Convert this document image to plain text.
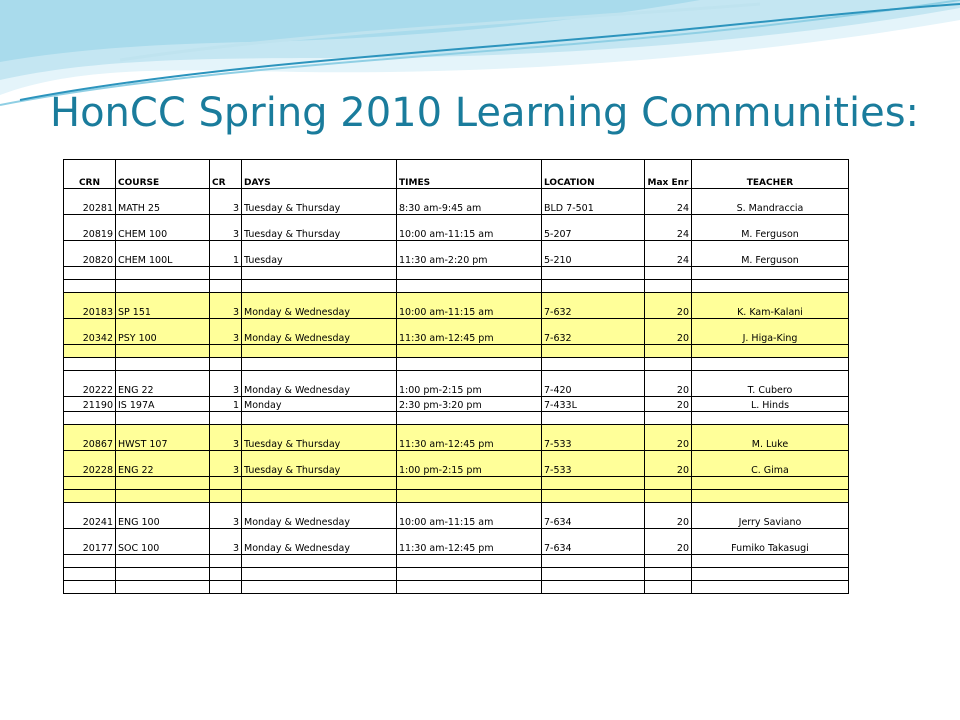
HonCC Spring 2010 Learning Communities:
CRN	COURSE	CR	DAYS	TIMES	LOCATION	Max Enr	TEACHER
20281	MATH 25	3	Tuesday & Thursday	8:30 am-9:45 am	BLD 7-501	24	S. Mandraccia
20819	CHEM 100	3	Tuesday & Thursday	10:00 am-11:15 am	5-207	24	M. Ferguson
20820	CHEM 100L	1	Tuesday	11:30 am-2:20 pm	5-210	24	M. Ferguson

20183	SP 151	3	Monday & Wednesday	10:00 am-11:15 am	7-632	20	K. Kam-Kalani
20342	PSY 100	3	Monday & Wednesday	11:30 am-12:45 pm	7-632	20	J. Higa-King

20222	ENG 22	3	Monday & Wednesday	1:00 pm-2:15 pm	7-420	20	T. Cubero
21190	IS 197A	1	Monday	2:30 pm-3:20 pm	7-433L	20	L. Hinds

20867	HWST 107	3	Tuesday & Thursday	11:30 am-12:45 pm	7-533	20	M. Luke
20228	ENG 22	3	Tuesday & Thursday	1:00 pm-2:15 pm	7-533	20	C. Gima

20241	ENG 100	3	Monday & Wednesday	10:00 am-11:15 am	7-634	20	Jerry Saviano
20177	SOC 100	3	Monday & Wednesday	11:30 am-12:45 pm	7-634	20	Fumiko Takasugi
